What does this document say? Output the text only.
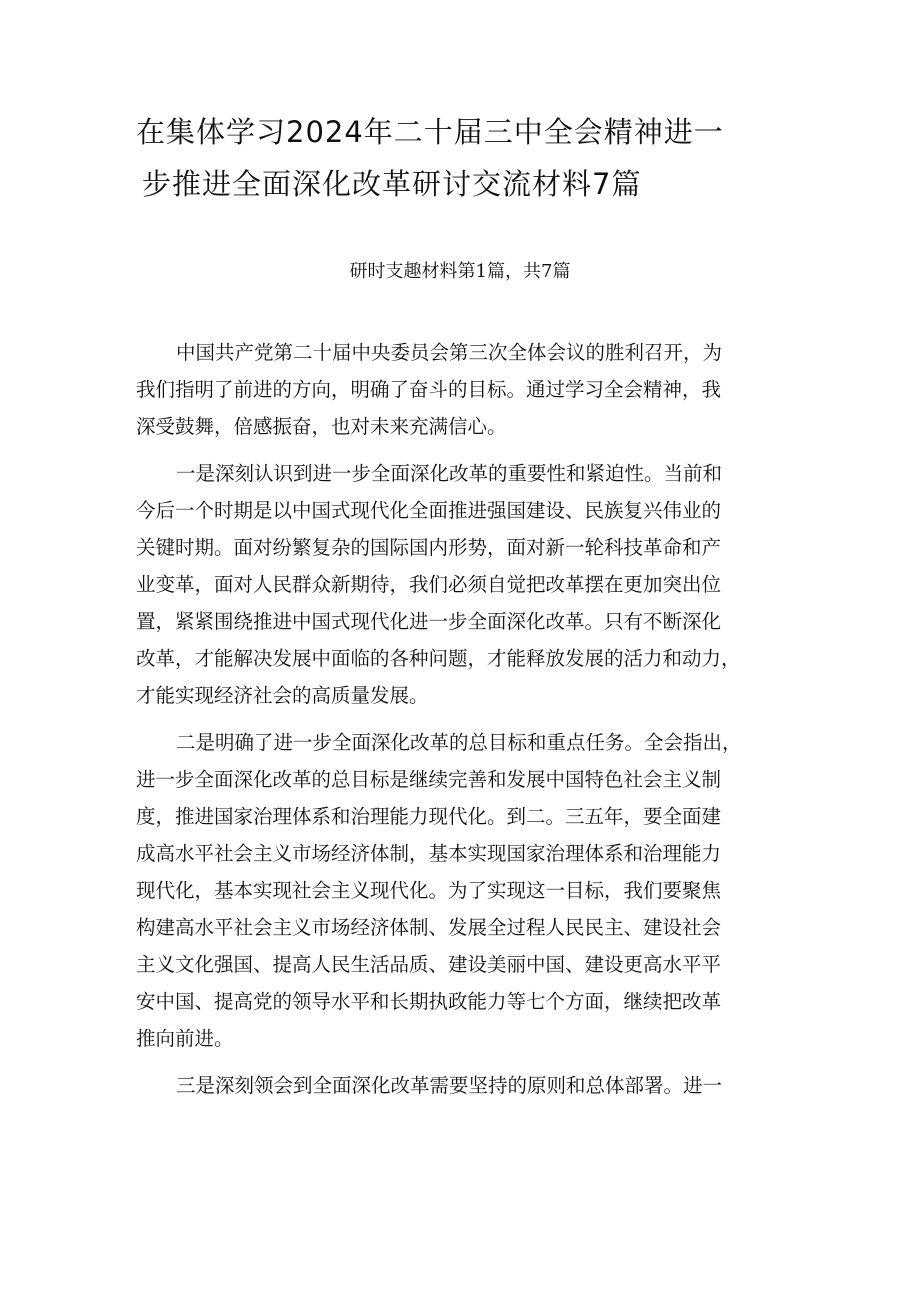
在集体学习2024年二十届三中全会精神进一
步推进全面深化改革研讨交流材料7篇

研时支趣材料第1篇，共7篇

中国共产党第二十届中央委员会第三次全体会议的胜利召开，为
我们指明了前进的方向，明确了奋斗的目标。通过学习全会精神，我
深受鼓舞，倍感振奋，也对未来充满信心。

一是深刻认识到进一步全面深化改革的重要性和紧迫性。当前和
今后一个时期是以中国式现代化全面推进强国建设、民族复兴伟业的
关键时期。面对纷繁复杂的国际国内形势，面对新一轮科技革命和产
业变革，面对人民群众新期待，我们必须自觉把改革摆在更加突出位
置，紧紧围绕推进中国式现代化进一步全面深化改革。只有不断深化
改革，才能解决发展中面临的各种问题，才能释放发展的活力和动力，
才能实现经济社会的高质量发展。

二是明确了进一步全面深化改革的总目标和重点任务。全会指出，
进一步全面深化改革的总目标是继续完善和发展中国特色社会主义制
度，推进国家治理体系和治理能力现代化。到二。三五年，要全面建
成高水平社会主义市场经济体制，基本实现国家治理体系和治理能力
现代化，基本实现社会主义现代化。为了实现这一目标，我们要聚焦
构建高水平社会主义市场经济体制、发展全过程人民民主、建设社会
主义文化强国、提高人民生活品质、建设美丽中国、建设更高水平平
安中国、提高党的领导水平和长期执政能力等七个方面，继续把改革
推向前进。

三是深刻领会到全面深化改革需要坚持的原则和总体部署。进一
